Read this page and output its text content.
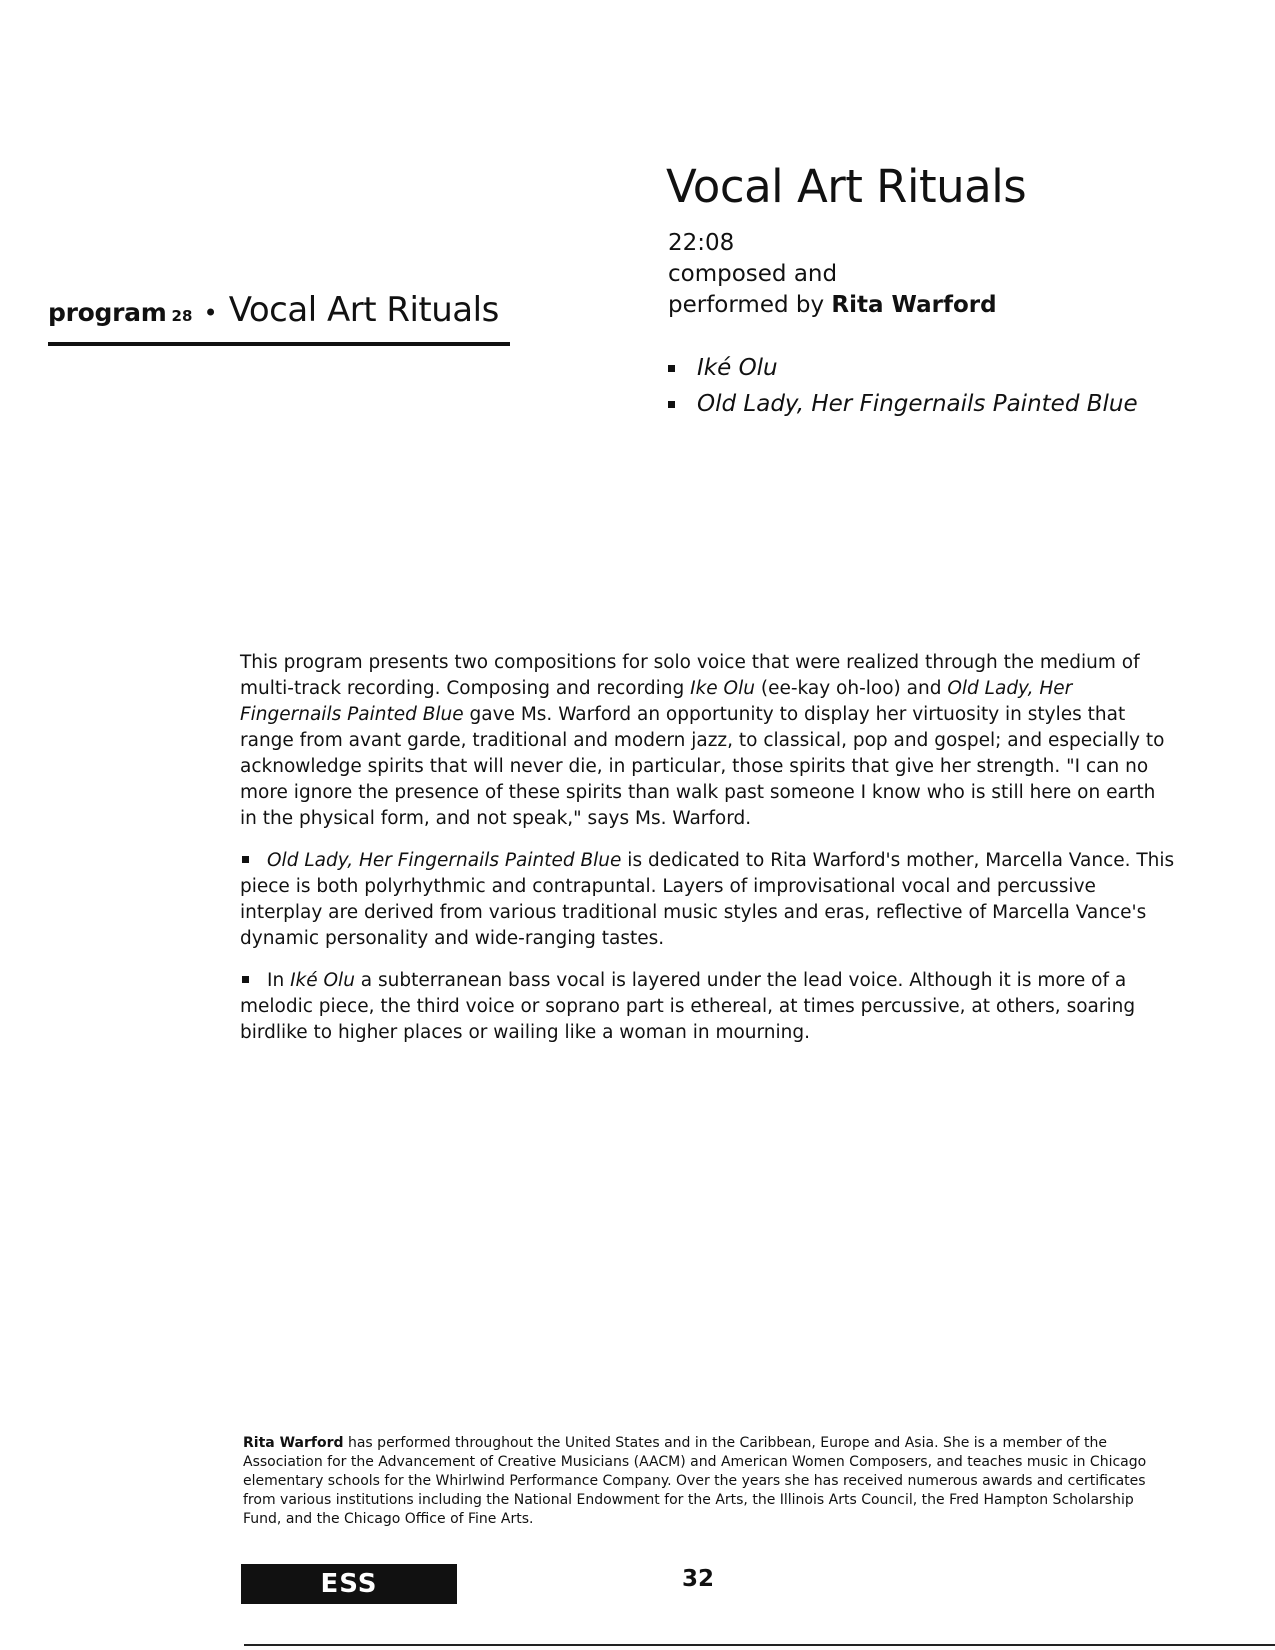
program 28 • Vocal Art Rituals
Vocal Art Rituals
22:08
composed and
performed by Rita Warford
Iké Olu
Old Lady, Her Fingernails Painted Blue

This program presents two compositions for solo voice that were realized through the medium of multi-track recording. Composing and recording Ike Olu (ee-kay oh-loo) and Old Lady, Her Fingernails Painted Blue gave Ms. Warford an opportunity to display her virtuosity in styles that range from avant garde, traditional and modern jazz, to classical, pop and gospel; and especially to acknowledge spirits that will never die, in particular, those spirits that give her strength. "I can no more ignore the presence of these spirits than walk past someone I know who is still here on earth in the physical form, and not speak," says Ms. Warford.

Old Lady, Her Fingernails Painted Blue is dedicated to Rita Warford's mother, Marcella Vance. This piece is both polyrhythmic and contrapuntal. Layers of improvisational vocal and percussive interplay are derived from various traditional music styles and eras, reflective of Marcella Vance's dynamic personality and wide-ranging tastes.

In Iké Olu a subterranean bass vocal is layered under the lead voice. Although it is more of a melodic piece, the third voice or soprano part is ethereal, at times percussive, at others, soaring birdlike to higher places or wailing like a woman in mourning.

Rita Warford has performed throughout the United States and in the Caribbean, Europe and Asia. She is a member of the Association for the Advancement of Creative Musicians (AACM) and American Women Composers, and teaches music in Chicago elementary schools for the Whirlwind Performance Company. Over the years she has received numerous awards and certificates from various institutions including the National Endowment for the Arts, the Illinois Arts Council, the Fred Hampton Scholarship Fund, and the Chicago Office of Fine Arts.
ESS	32
